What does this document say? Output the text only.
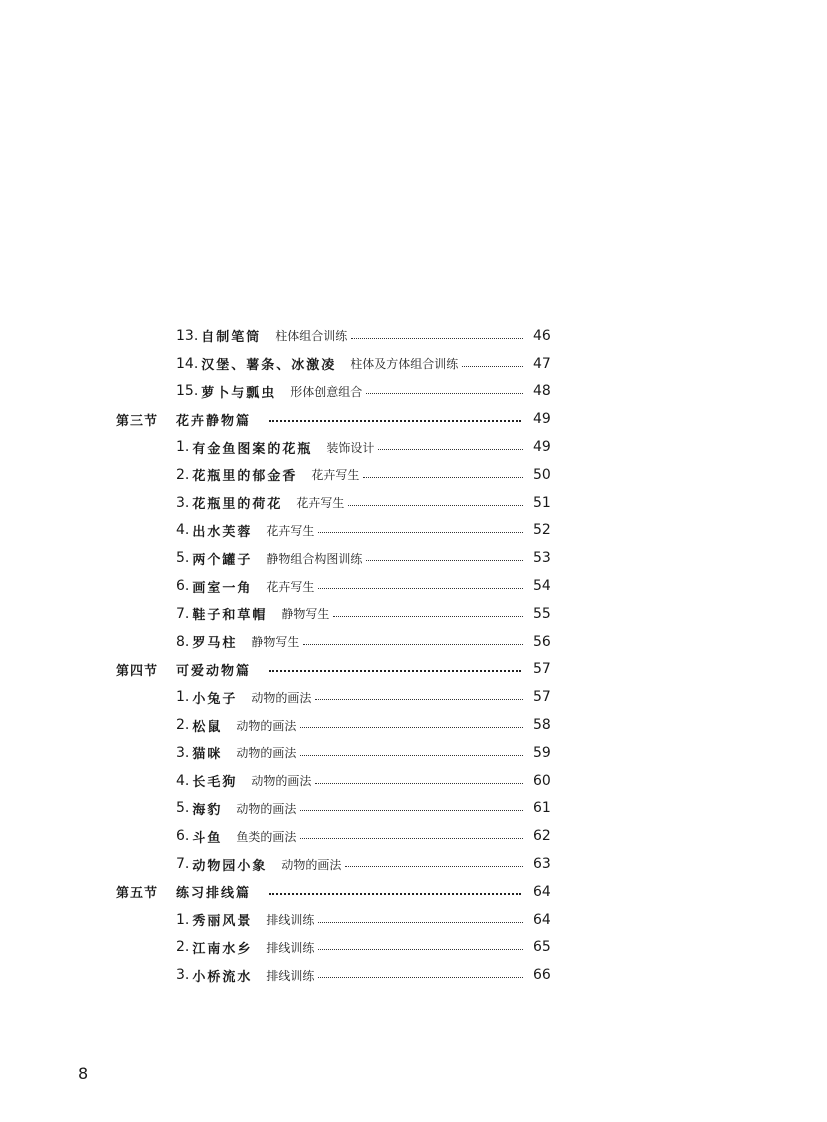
13. 自制笔筒 柱体组合训练	46
14. 汉堡、薯条、冰激凌 柱体及方体组合训练	47
15. 萝卜与瓢虫 形体创意组合	48
第三节 花卉静物篇	49
1. 有金鱼图案的花瓶 装饰设计	49
2. 花瓶里的郁金香 花卉写生	50
3. 花瓶里的荷花 花卉写生	51
4. 出水芙蓉 花卉写生	52
5. 两个罐子 静物组合构图训练	53
6. 画室一角 花卉写生	54
7. 鞋子和草帽 静物写生	55
8. 罗马柱 静物写生	56
第四节 可爱动物篇	57
1. 小兔子 动物的画法	57
2. 松鼠 动物的画法	58
3. 猫咪 动物的画法	59
4. 长毛狗 动物的画法	60
5. 海豹 动物的画法	61
6. 斗鱼 鱼类的画法	62
7. 动物园小象 动物的画法	63
第五节 练习排线篇	64
1. 秀丽风景 排线训练	64
2. 江南水乡 排线训练	65
3. 小桥流水 排线训练	66
8
